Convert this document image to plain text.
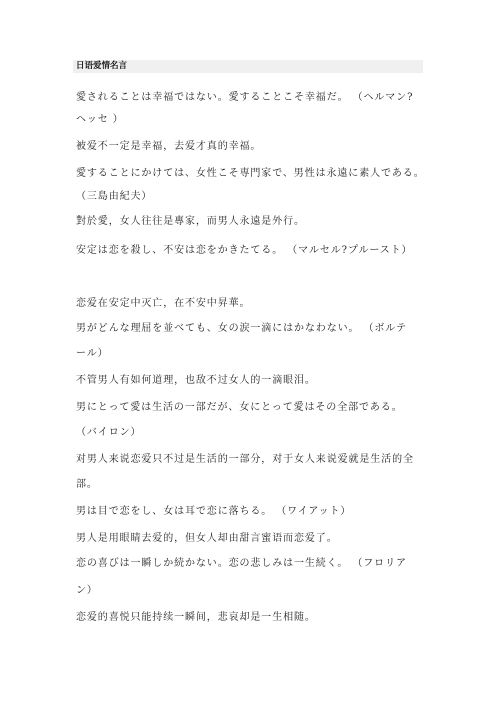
日语爱情名言
愛されることは幸福ではない。愛することこそ幸福だ。 （ヘルマン?
ヘッセ ）
被爱不一定是幸福，去爱才真的幸福。
愛することにかけては、女性こそ専門家で、男性は永遠に素人である。
（三島由紀夫）
對於愛，女人往往是專家，而男人永遠是外行。
安定は恋を殺し、不安は恋をかきたてる。 （マルセル?プルースト）
恋爱在安定中灭亡，在不安中昇華。
男がどんな理屈を並べても、女の涙一滴にはかなわない。 （ボルテ
ール）
不管男人有如何道理，也敌不过女人的一滴眼泪。
男にとって愛は生活の一部だが、女にとって愛はその全部である。
（バイロン）
对男人来说恋爱只不过是生活的一部分，对于女人来说爱就是生活的全
部。
男は目で恋をし、女は耳で恋に落ちる。 （ワイアット）
男人是用眼睛去爱的，但女人却由甜言蜜语而恋爱了。
恋の喜びは一瞬しか続かない。恋の悲しみは一生続く。 （フロリア
ン）
恋爱的喜悦只能持续一瞬间，悲哀却是一生相随。
